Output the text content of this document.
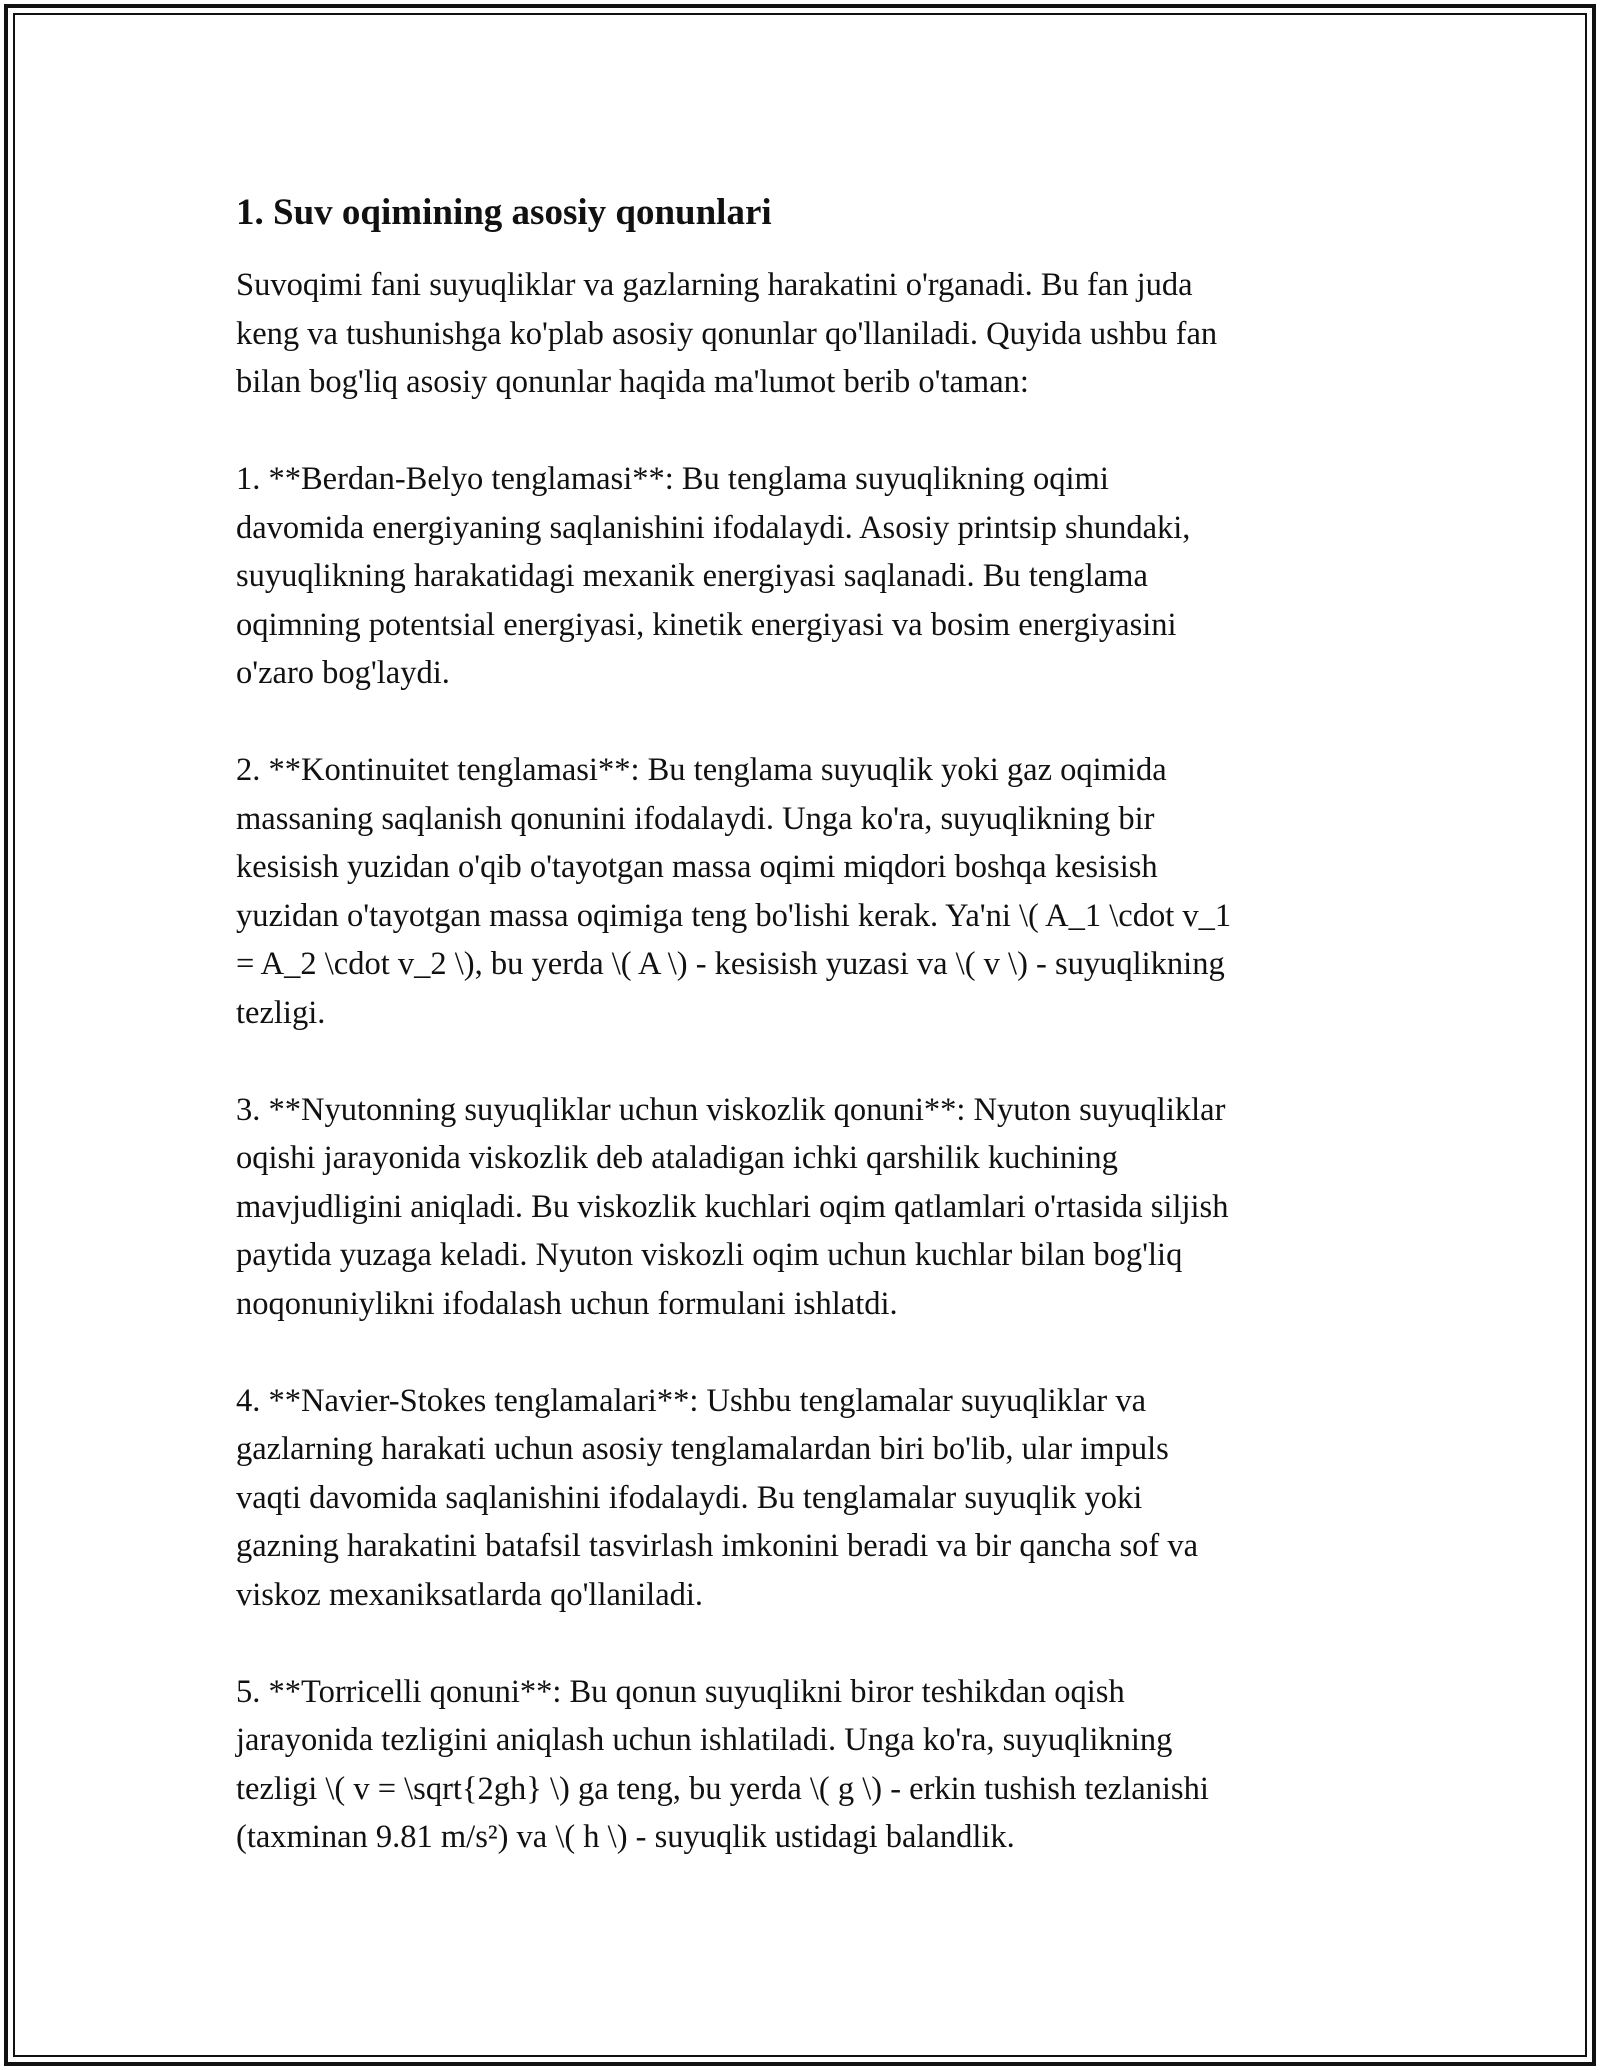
1. Suv oqimining asosiy qonunlari

Suvoqimi fani suyuqliklar va gazlarning harakatini o'rganadi. Bu fan juda
keng va tushunishga ko'plab asosiy qonunlar qo'llaniladi. Quyida ushbu fan
bilan bog'liq asosiy qonunlar haqida ma'lumot berib o'taman:

1. **Berdan-Belyo tenglamasi**: Bu tenglama suyuqlikning oqimi
davomida energiyaning saqlanishini ifodalaydi. Asosiy printsip shundaki,
suyuqlikning harakatidagi mexanik energiyasi saqlanadi. Bu tenglama
oqimning potentsial energiyasi, kinetik energiyasi va bosim energiyasini
o'zaro bog'laydi.

2. **Kontinuitet tenglamasi**: Bu tenglama suyuqlik yoki gaz oqimida
massaning saqlanish qonunini ifodalaydi. Unga ko'ra, suyuqlikning bir
kesisish yuzidan o'qib o'tayotgan massa oqimi miqdori boshqa kesisish
yuzidan o'tayotgan massa oqimiga teng bo'lishi kerak. Ya'ni \( A_1 \cdot v_1
= A_2 \cdot v_2 \), bu yerda \( A \) - kesisish yuzasi va \( v \) - suyuqlikning
tezligi.

3. **Nyutonning suyuqliklar uchun viskozlik qonuni**: Nyuton suyuqliklar
oqishi jarayonida viskozlik deb ataladigan ichki qarshilik kuchining
mavjudligini aniqladi. Bu viskozlik kuchlari oqim qatlamlari o'rtasida siljish
paytida yuzaga keladi. Nyuton viskozli oqim uchun kuchlar bilan bog'liq
noqonuniylikni ifodalash uchun formulani ishlatdi.

4. **Navier-Stokes tenglamalari**: Ushbu tenglamalar suyuqliklar va
gazlarning harakati uchun asosiy tenglamalardan biri bo'lib, ular impuls
vaqti davomida saqlanishini ifodalaydi. Bu tenglamalar suyuqlik yoki
gazning harakatini batafsil tasvirlash imkonini beradi va bir qancha sof va
viskoz mexaniksatlarda qo'llaniladi.

5. **Torricelli qonuni**: Bu qonun suyuqlikni biror teshikdan oqish
jarayonida tezligini aniqlash uchun ishlatiladi. Unga ko'ra, suyuqlikning
tezligi \( v = \sqrt{2gh} \) ga teng, bu yerda \( g \) - erkin tushish tezlanishi
(taxminan 9.81 m/s²) va \( h \) - suyuqlik ustidagi balandlik.
